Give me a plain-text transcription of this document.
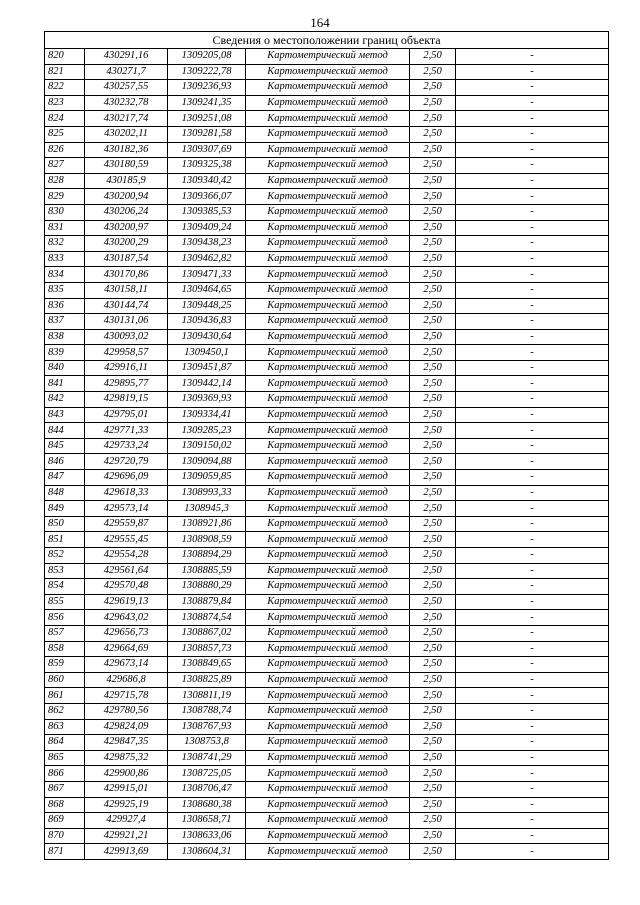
164
Сведения о местоположении границ объекта					
820	430291,16	1309205,08	Картометрический метод	2,50	-
821	430271,7	1309222,78	Картометрический метод	2,50	-
822	430257,55	1309236,93	Картометрический метод	2,50	-
823	430232,78	1309241,35	Картометрический метод	2,50	-
824	430217,74	1309251,08	Картометрический метод	2,50	-
825	430202,11	1309281,58	Картометрический метод	2,50	-
826	430182,36	1309307,69	Картометрический метод	2,50	-
827	430180,59	1309325,38	Картометрический метод	2,50	-
828	430185,9	1309340,42	Картометрический метод	2,50	-
829	430200,94	1309366,07	Картометрический метод	2,50	-
830	430206,24	1309385,53	Картометрический метод	2,50	-
831	430200,97	1309409,24	Картометрический метод	2,50	-
832	430200,29	1309438,23	Картометрический метод	2,50	-
833	430187,54	1309462,82	Картометрический метод	2,50	-
834	430170,86	1309471,33	Картометрический метод	2,50	-
835	430158,11	1309464,65	Картометрический метод	2,50	-
836	430144,74	1309448,25	Картометрический метод	2,50	-
837	430131,06	1309436,83	Картометрический метод	2,50	-
838	430093,02	1309430,64	Картометрический метод	2,50	-
839	429958,57	1309450,1	Картометрический метод	2,50	-
840	429916,11	1309451,87	Картометрический метод	2,50	-
841	429895,77	1309442,14	Картометрический метод	2,50	-
842	429819,15	1309369,93	Картометрический метод	2,50	-
843	429795,01	1309334,41	Картометрический метод	2,50	-
844	429771,33	1309285,23	Картометрический метод	2,50	-
845	429733,24	1309150,02	Картометрический метод	2,50	-
846	429720,79	1309094,88	Картометрический метод	2,50	-
847	429696,09	1309059,85	Картометрический метод	2,50	-
848	429618,33	1308993,33	Картометрический метод	2,50	-
849	429573,14	1308945,3	Картометрический метод	2,50	-
850	429559,87	1308921,86	Картометрический метод	2,50	-
851	429555,45	1308908,59	Картометрический метод	2,50	-
852	429554,28	1308894,29	Картометрический метод	2,50	-
853	429561,64	1308885,59	Картометрический метод	2,50	-
854	429570,48	1308880,29	Картометрический метод	2,50	-
855	429619,13	1308879,84	Картометрический метод	2,50	-
856	429643,02	1308874,54	Картометрический метод	2,50	-
857	429656,73	1308867,02	Картометрический метод	2,50	-
858	429664,69	1308857,73	Картометрический метод	2,50	-
859	429673,14	1308849,65	Картометрический метод	2,50	-
860	429686,8	1308825,89	Картометрический метод	2,50	-
861	429715,78	1308811,19	Картометрический метод	2,50	-
862	429780,56	1308788,74	Картометрический метод	2,50	-
863	429824,09	1308767,93	Картометрический метод	2,50	-
864	429847,35	1308753,8	Картометрический метод	2,50	-
865	429875,32	1308741,29	Картометрический метод	2,50	-
866	429900,86	1308725,05	Картометрический метод	2,50	-
867	429915,01	1308706,47	Картометрический метод	2,50	-
868	429925,19	1308680,38	Картометрический метод	2,50	-
869	429927,4	1308658,71	Картометрический метод	2,50	-
870	429921,21	1308633,06	Картометрический метод	2,50	-
871	429913,69	1308604,31	Картометрический метод	2,50	-
